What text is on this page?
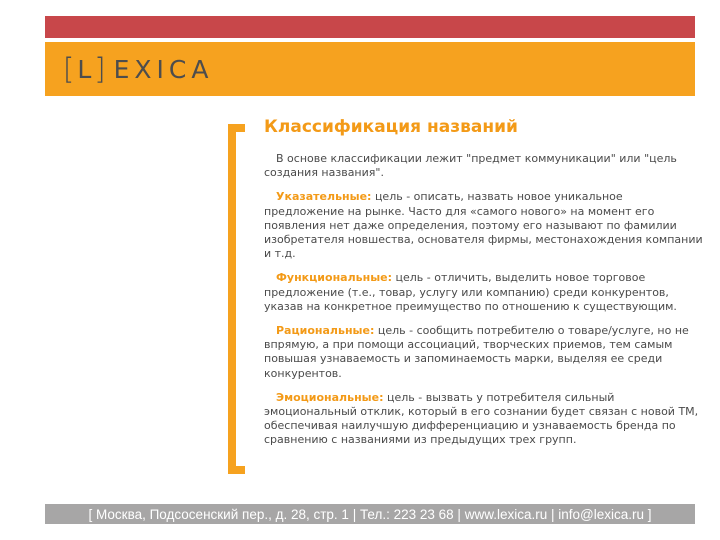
[ L ] EXICA
Классификация названий

В основе классификации лежит "предмет коммуникации" или "цель создания названия".

Указательные: цель - описать, назвать новое уникальное предложение на рынке. Часто для «самого нового» на момент его появления нет даже определения, поэтому его называют по фамилии изобретателя новшества, основателя фирмы, местонахождения компании и т.д.

Функциональные: цель - отличить, выделить новое торговое предложение (т.е., товар, услугу или компанию) среди конкурентов, указав на конкретное преимущество по отношению к существующим.

Рациональные: цель - сообщить потребителю о товаре/услуге, но не впрямую, а при помощи ассоциаций, творческих приемов, тем самым повышая узнаваемость и запоминаемость марки, выделяя ее среди конкурентов.

Эмоциональные: цель - вызвать у потребителя сильный эмоциональный отклик, который в его сознании будет связан с новой ТМ, обеспечивая наилучшую дифференциацию и узнаваемость бренда по сравнению с названиями из предыдущих трех групп.

[ Москва, Подсосенский пер., д. 28, стр. 1 | Тел.: 223 23 68 | www.lexica.ru | info@lexica.ru ]
